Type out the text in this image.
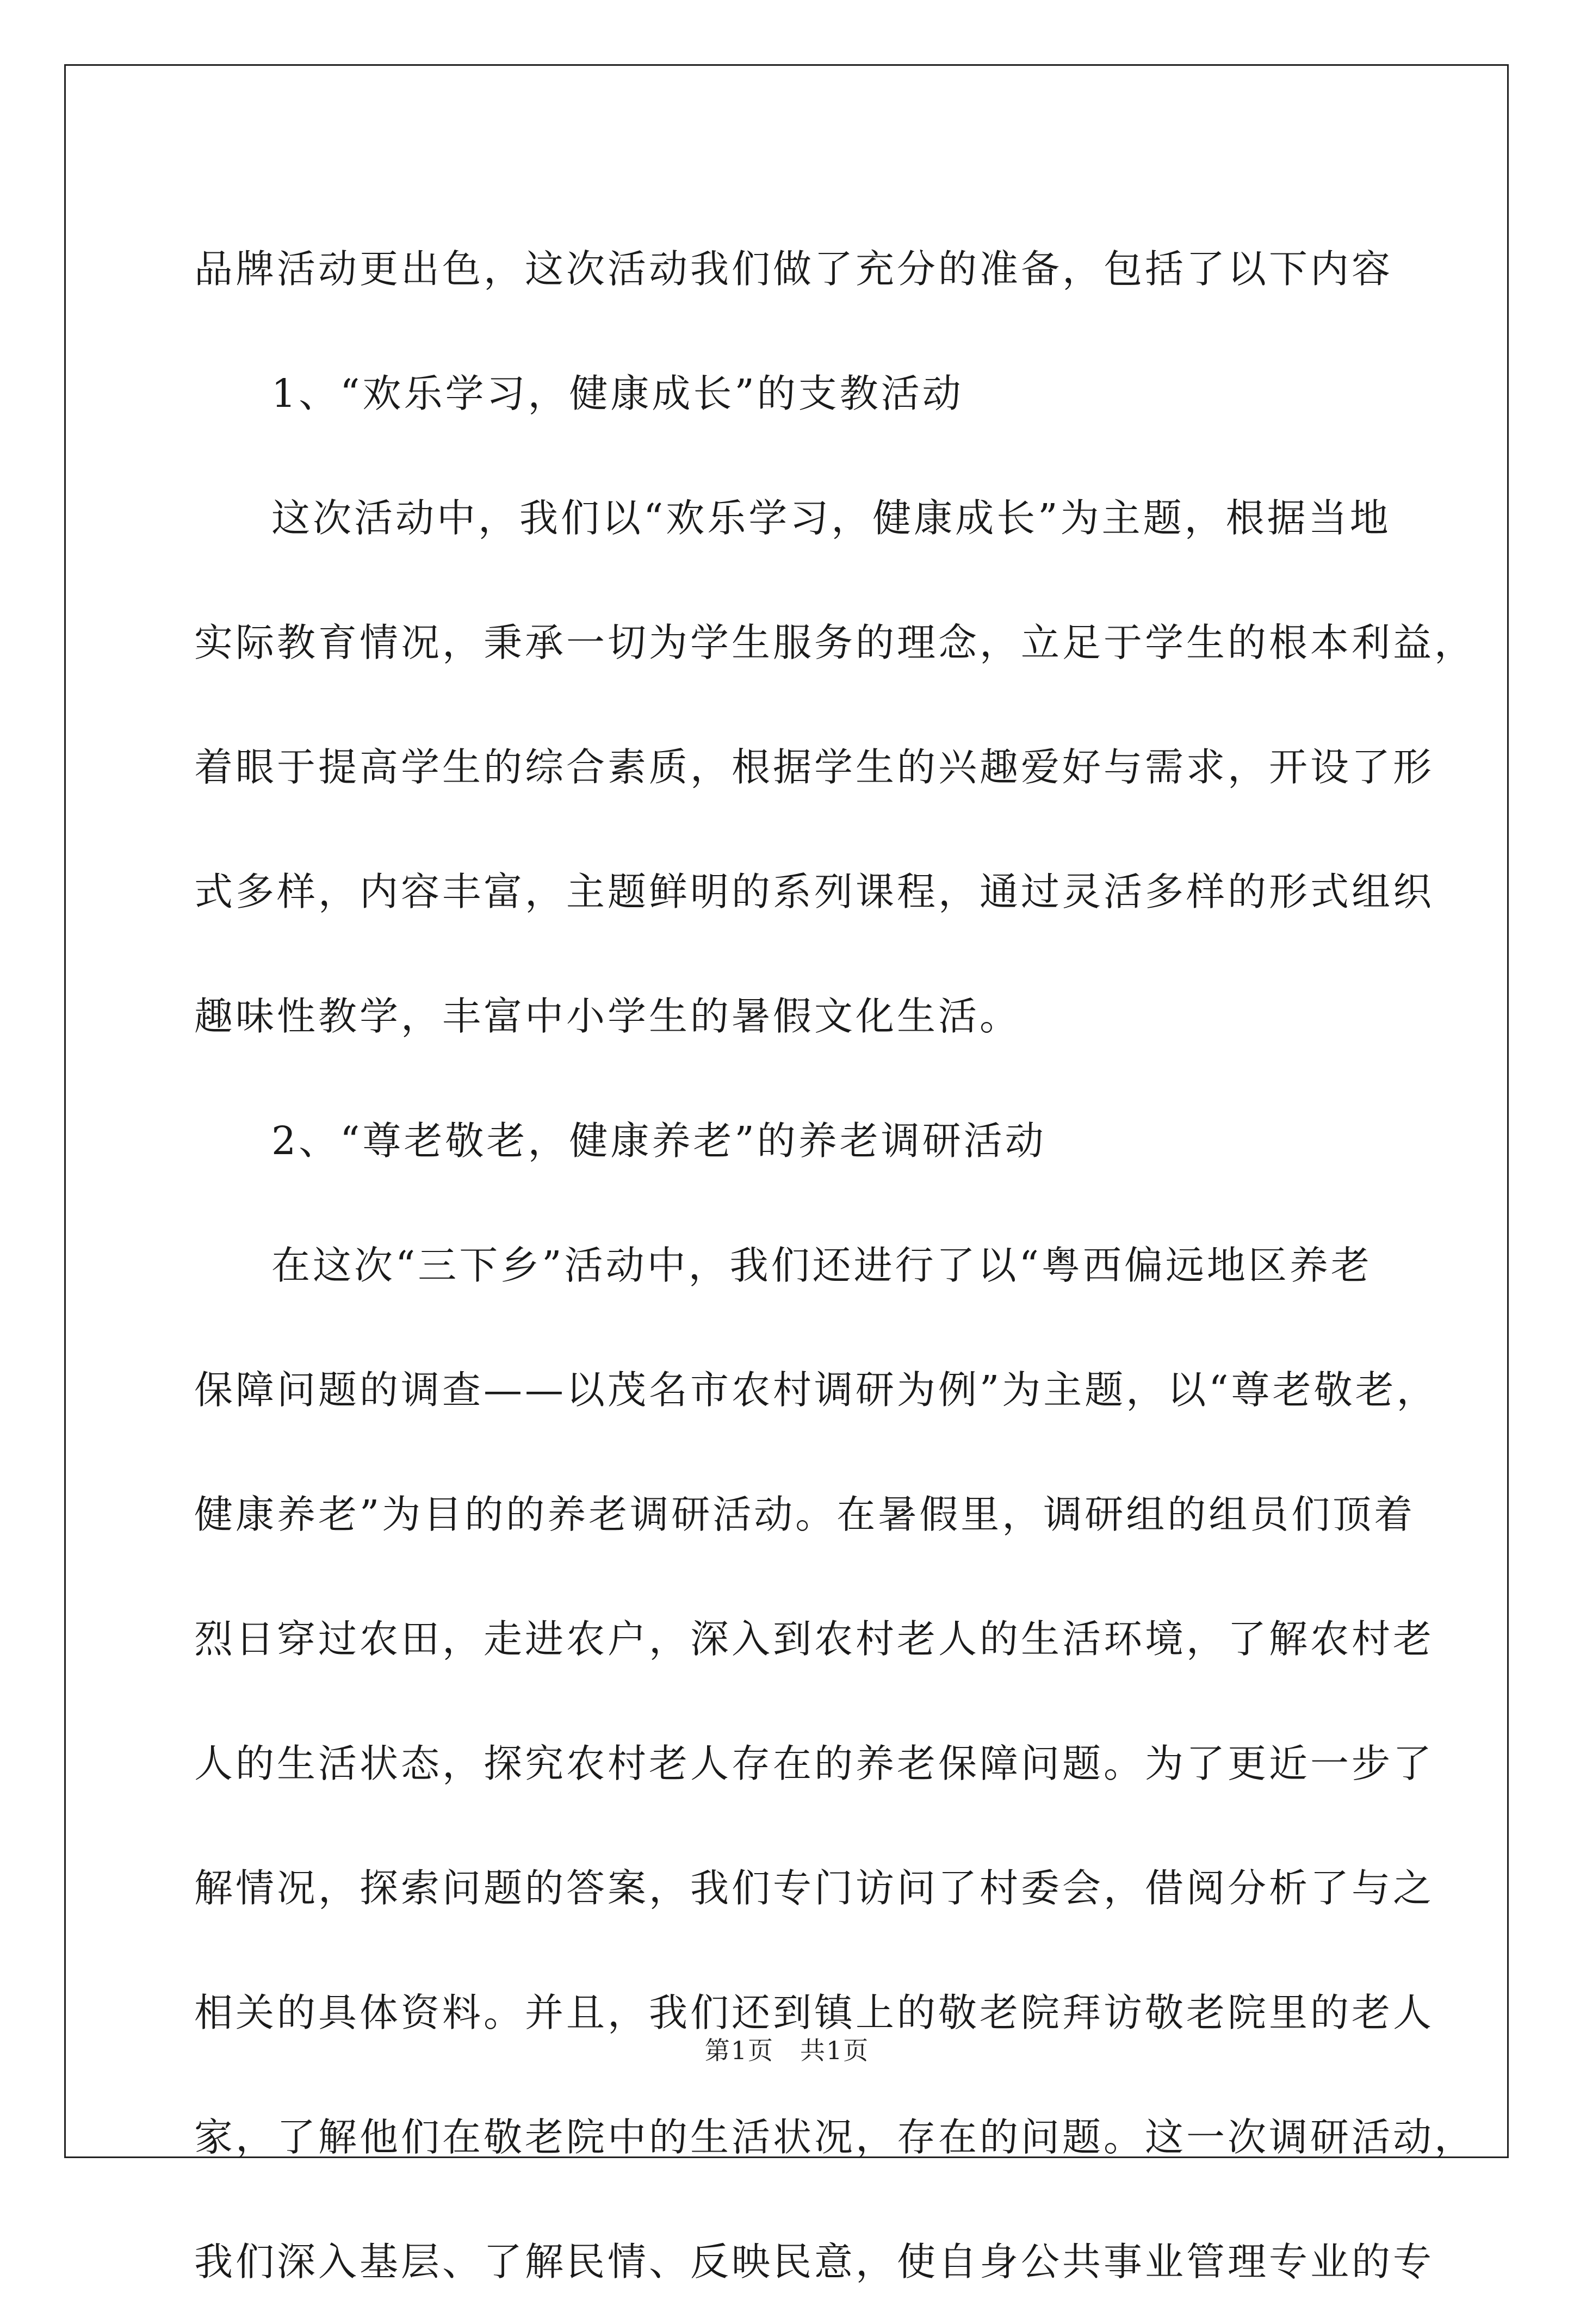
品牌活动更出色，这次活动我们做了充分的准备，包括了以下内容
1、“欢乐学习，健康成长”的支教活动
这次活动中，我们以“欢乐学习，健康成长”为主题，根据当地
实际教育情况，秉承一切为学生服务的理念，立足于学生的根本利益，
着眼于提高学生的综合素质，根据学生的兴趣爱好与需求，开设了形
式多样，内容丰富，主题鲜明的系列课程，通过灵活多样的形式组织
趣味性教学，丰富中小学生的暑假文化生活。
2、“尊老敬老，健康养老”的养老调研活动
在这次“三下乡”活动中，我们还进行了以“粤西偏远地区养老
保障问题的调查——以茂名市农村调研为例”为主题，以“尊老敬老，
健康养老”为目的的养老调研活动。在暑假里，调研组的组员们顶着
烈日穿过农田，走进农户，深入到农村老人的生活环境，了解农村老
人的生活状态，探究农村老人存在的养老保障问题。为了更近一步了
解情况，探索问题的答案，我们专门访问了村委会，借阅分析了与之
相关的具体资料。并且，我们还到镇上的敬老院拜访敬老院里的老人
家，了解他们在敬老院中的生活状况，存在的问题。这一次调研活动，
我们深入基层、了解民情、反映民意，使自身公共事业管理专业的专
第1页　共1页
